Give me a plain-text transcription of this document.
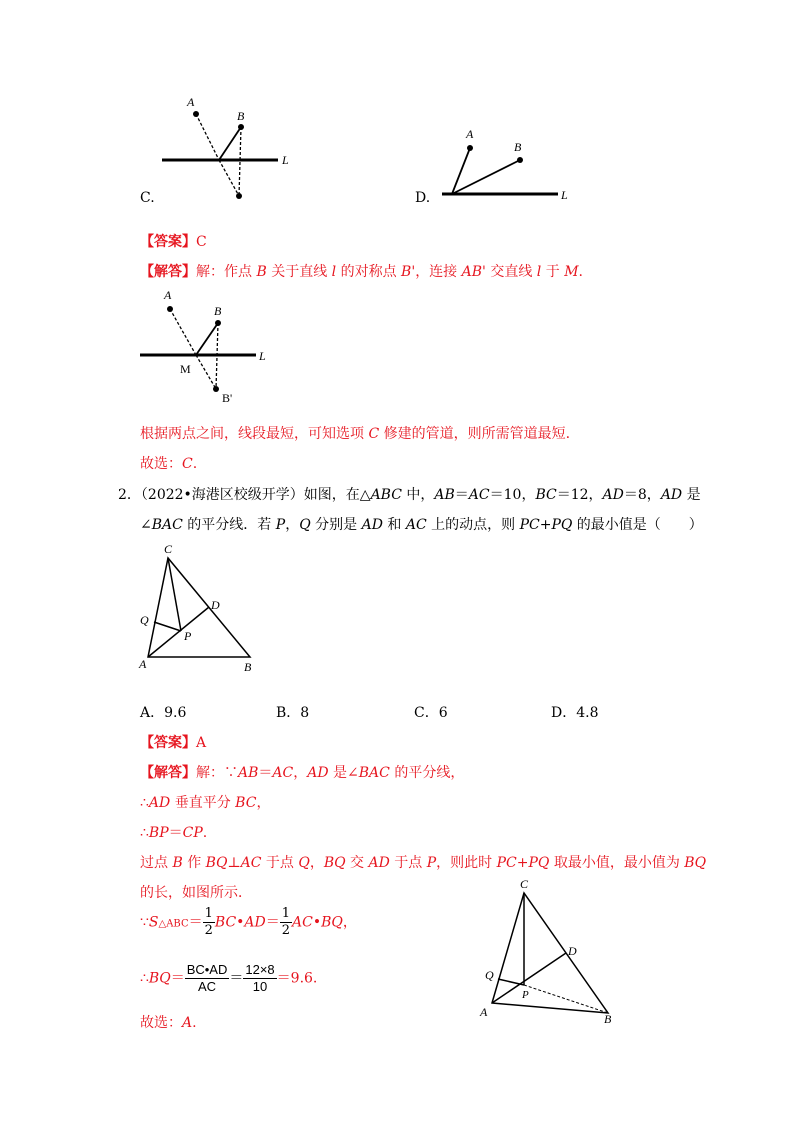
A
B
L
C.
A
B
L
D.
【答案】C
【解答】解：作点 B 关于直线 l 的对称点 B'，连接 AB' 交直线 l 于 M.
A
B
M
B'
L
根据两点之间，线段最短，可知选项 C 修建的管道，则所需管道最短.
故选：C.
2．（2022•海港区校级开学）如图，在△ABC 中，AB＝AC＝10，BC＝12，AD＝8，AD 是
∠BAC 的平分线．若 P，Q 分别是 AD 和 AC 上的动点，则 PC+PQ 的最小值是（　　）
C
D
Q
P
A	B
A．9.6	B．8	C．6	D．4.8
【答案】A
【解答】解：∵AB＝AC，AD 是∠BAC 的平分线，
∴AD 垂直平分 BC，
∴BP＝CP.
过点 B 作 BQ⊥AC 于点 Q，BQ 交 AD 于点 P，则此时 PC+PQ 取最小值，最小值为 BQ
的长，如图所示．
∵S△ABC＝ $\frac{1}{2}$ BC•AD＝ $\frac{1}{2}$ AC•BQ，
∴BQ＝ $\frac{BC•AD}{AC} = \frac{12\times 8}{10} =9.6$.
故选：A.
C
D
Q
P
A	B
